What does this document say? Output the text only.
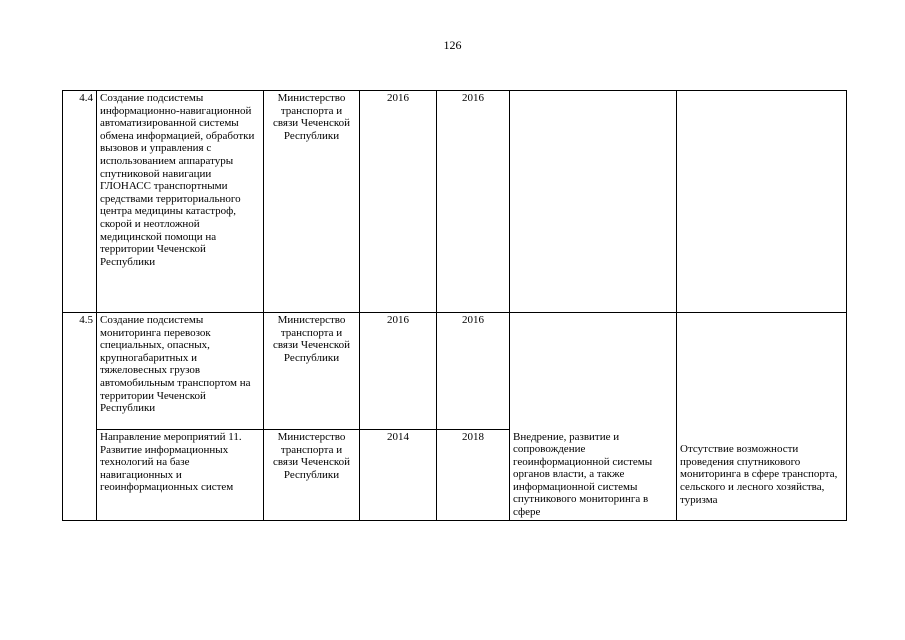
126
4.4	Создание подсистемы информационно-навигационной автоматизированной системы обмена информацией, обработки вызовов и управления с использованием аппаратуры спутниковой навигации ГЛОНАСС транспортными средствами территориального центра медицины катастроф, скорой и неотложной медицинской помощи на территории Чеченской Республики	Министерство транспорта и связи Чеченской Республики	2016	2016		
4.5	Создание подсистемы мониторинга перевозок специальных, опасных, крупногабаритных и тяжеловесных грузов автомобильным транспортом на территории Чеченской Республики	Министерство транспорта и связи Чеченской Республики	2016	2016		
	Направление мероприятий 11. Развитие информационных технологий на базе навигационных и геоинформационных систем	Министерство транспорта и связи Чеченской Республики	2014	2018	Внедрение, развитие и сопровождение геоинформационной системы органов власти, а также информационной системы спутникового мониторинга в сфере	Отсутствие возможности проведения спутникового мониторинга в сфере транспорта, сельского и лесного хозяйства, туризма
